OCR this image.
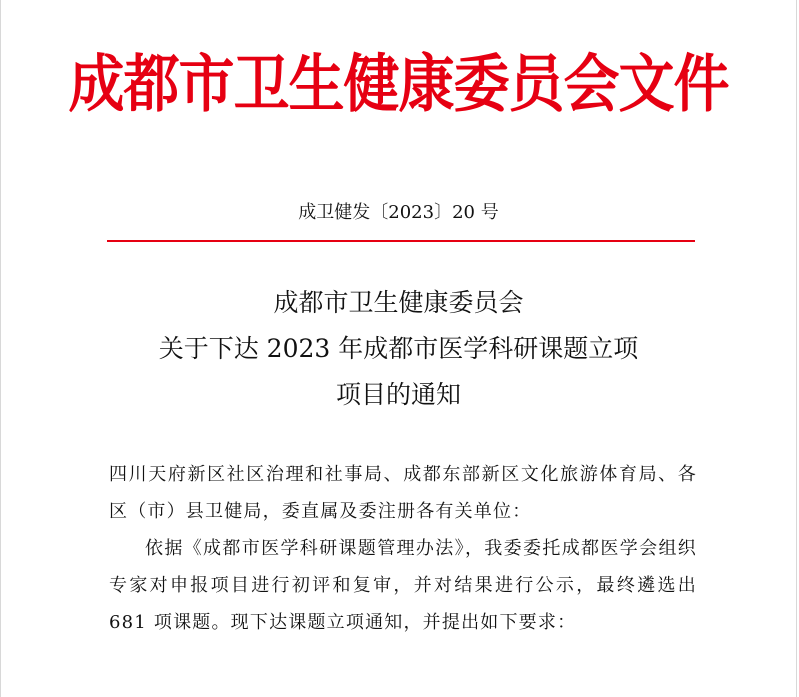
成都市卫生健康委员会文件
成卫健发〔2023〕20 号
成都市卫生健康委员会
关于下达 2023 年成都市医学科研课题立项
项目的通知

四川天府新区社区治理和社事局、成都东部新区文化旅游体育局、各区（市）县卫健局，委直属及委注册各有关单位：

依据《成都市医学科研课题管理办法》，我委委托成都医学会组织专家对申报项目进行初评和复审，并对结果进行公示，最终遴选出 681 项课题。现下达课题立项通知，并提出如下要求：
